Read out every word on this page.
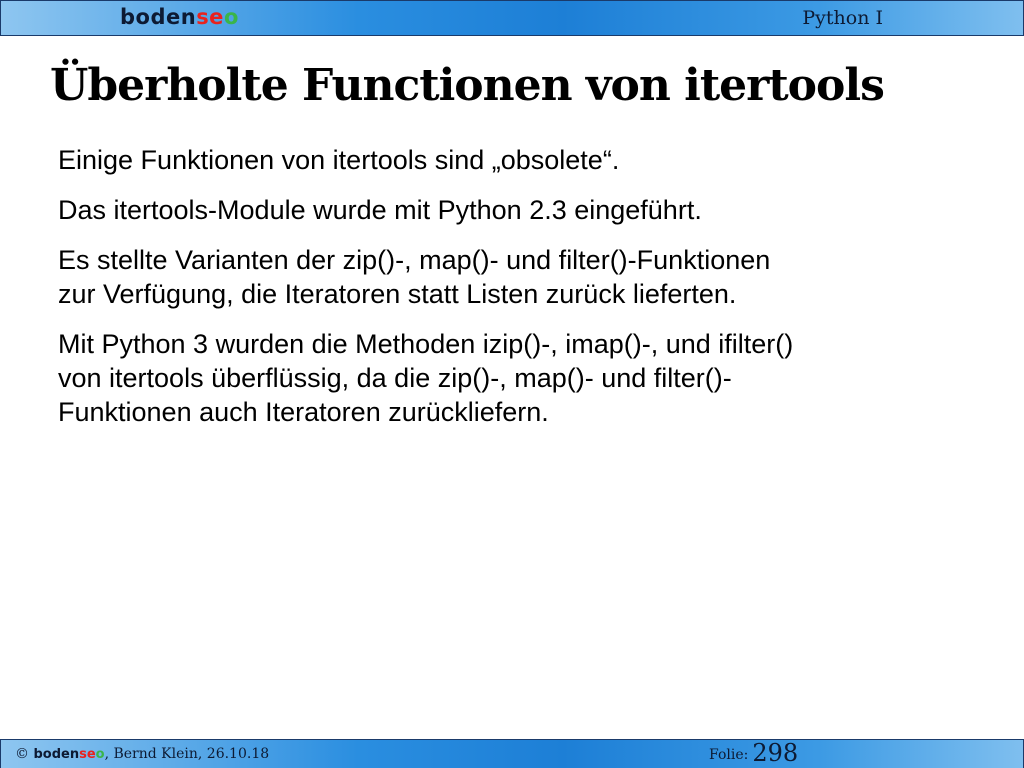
bodenseo	Python I
Überholte Functionen von itertools

Einige Funktionen von itertools sind „obsolete“.

Das itertools-Module wurde mit Python 2.3 eingeführt.

Es stellte Varianten der zip()-, map()- und filter()-Funktionen
zur Verfügung, die Iteratoren statt Listen zurück lieferten.

Mit Python 3 wurden die Methoden izip()-, imap()-, und ifilter()
von itertools überflüssig, da die zip()-, map()- und filter()-
Funktionen auch Iteratoren zurückliefern.

© bodenseo, Bernd Klein, 26.10.18	Folie: 298
